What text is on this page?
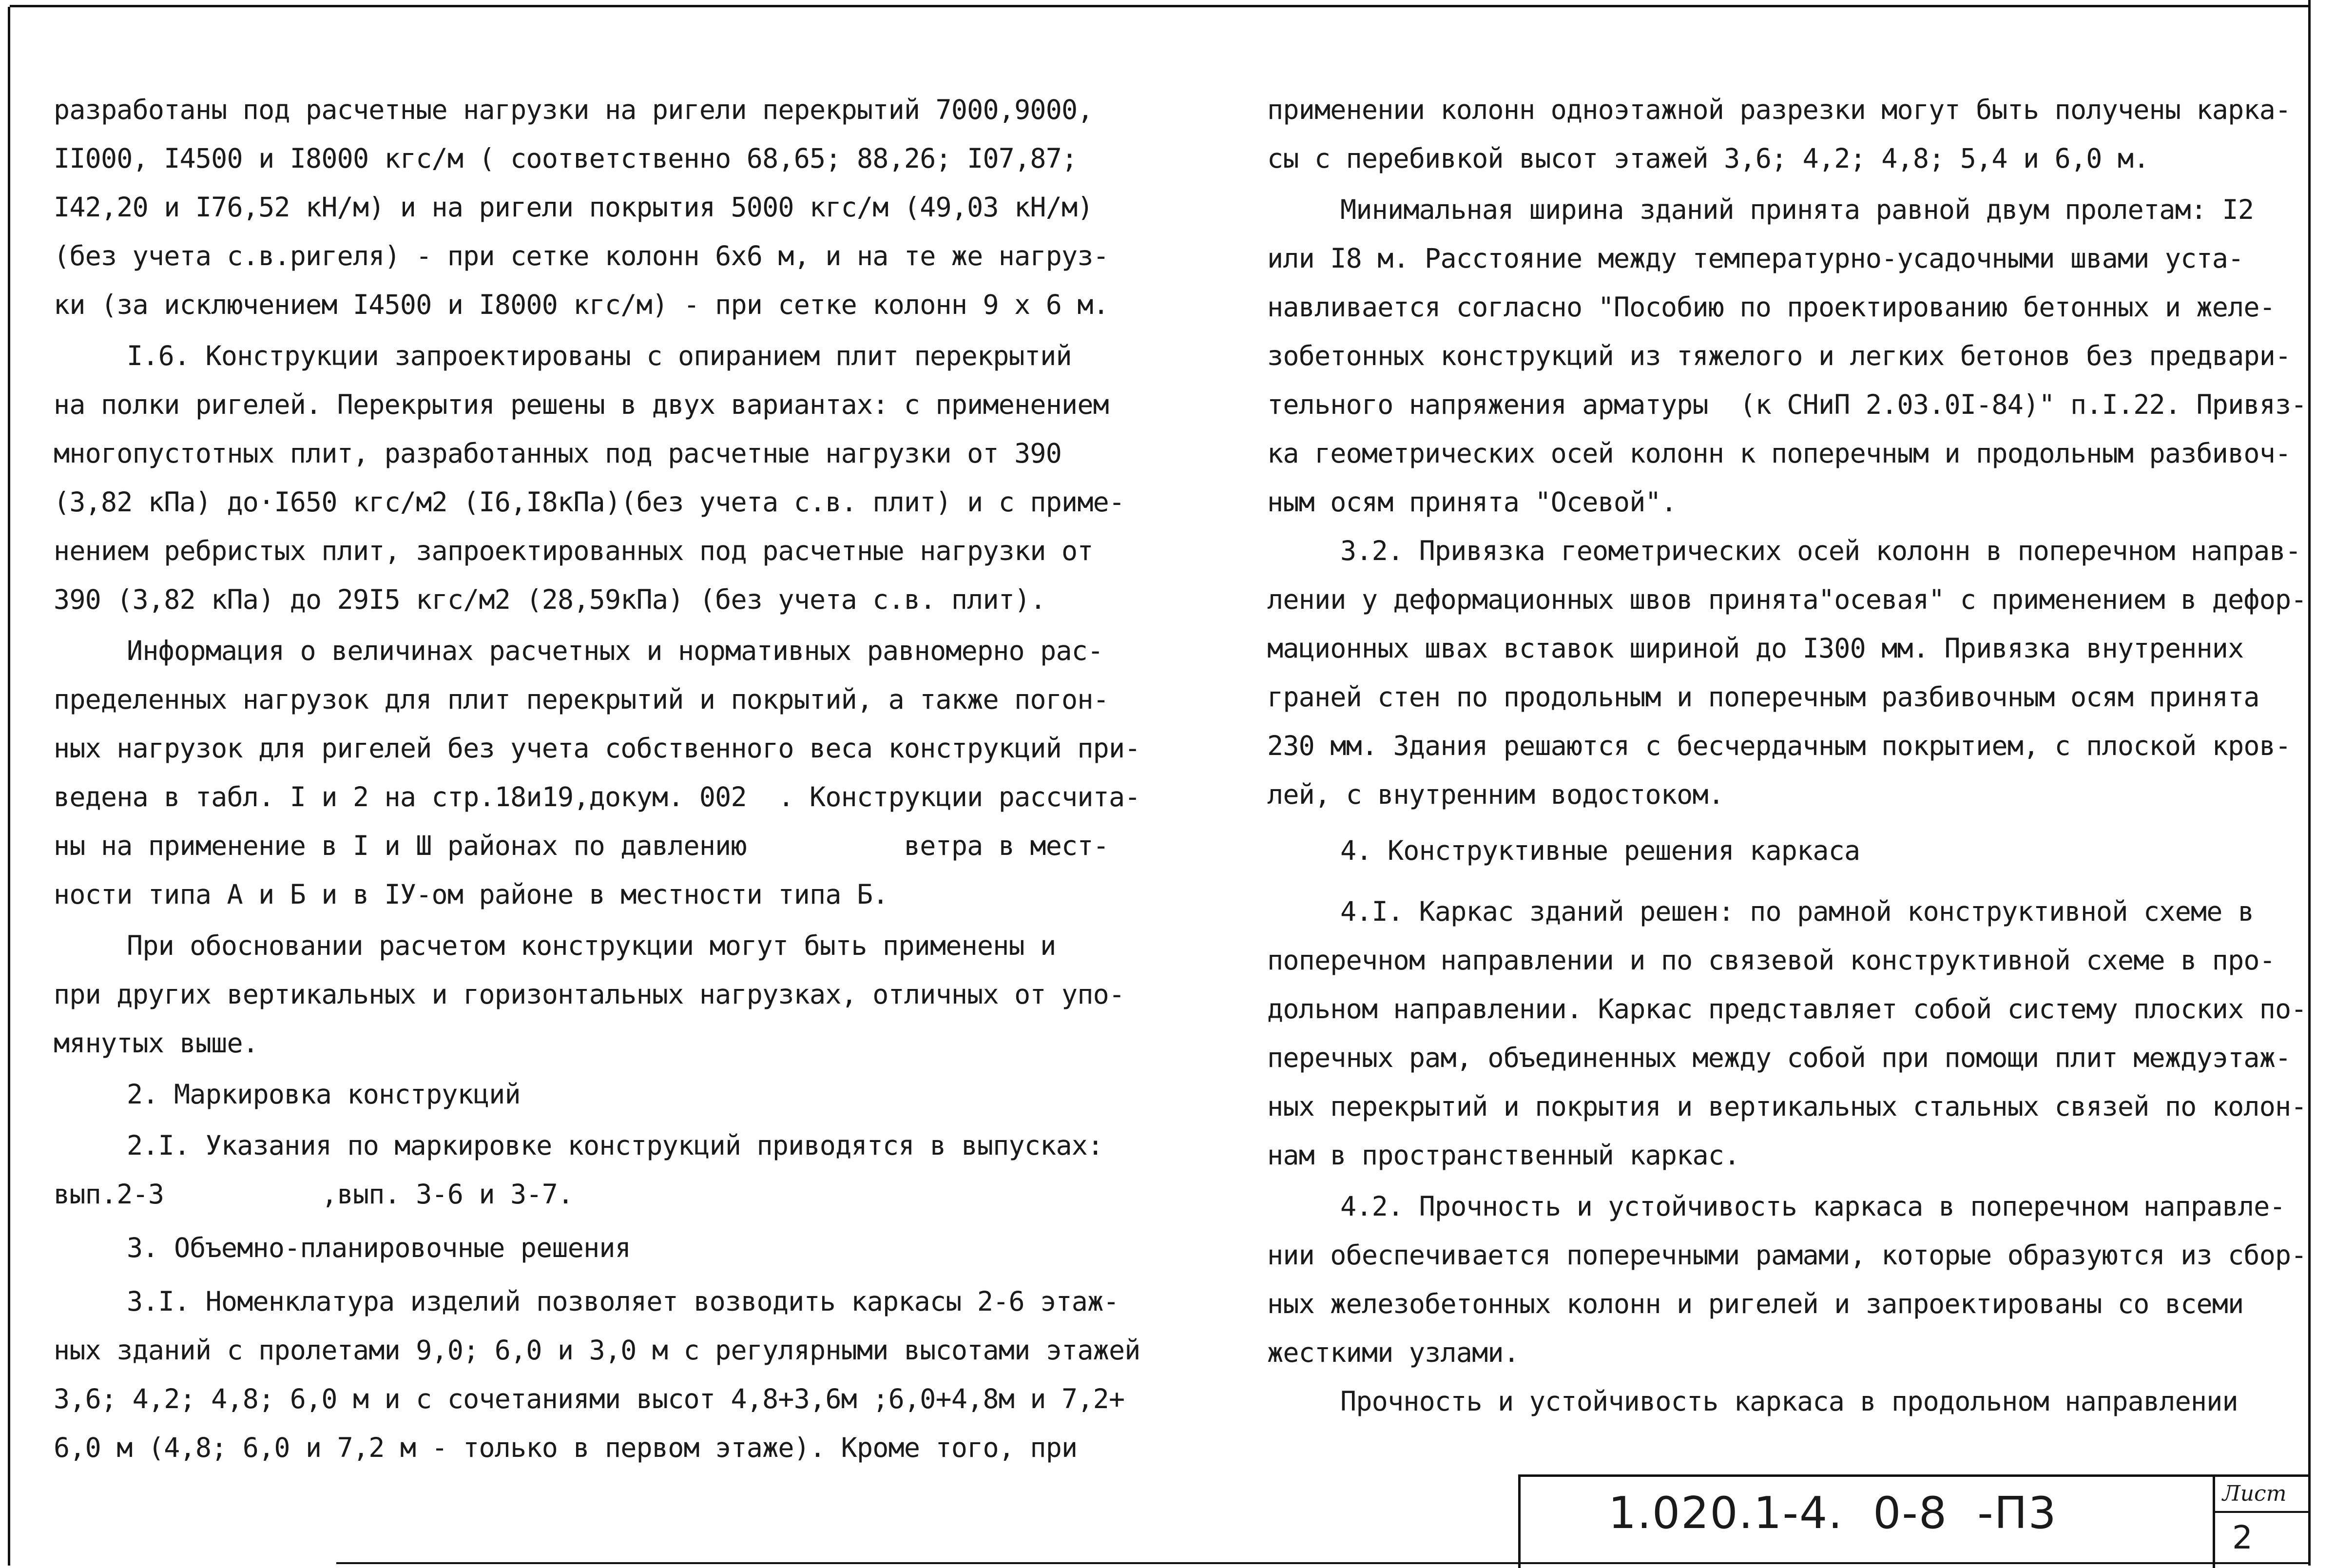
разработаны под расчетные нагрузки на ригели перекрытий 7000,9000,
II000, I4500 и I8000 кгс/м ( соответственно 68,65; 88,26; I07,87;
I42,20 и I76,52 кН/м) и на ригели покрытия 5000 кгс/м (49,03 кН/м)
(без учета с.в.ригеля) - при сетке колонн 6х6 м, и на те же нагруз-
ки (за исключением I4500 и I8000 кгс/м) - при сетке колонн 9 х 6 м.
I.6. Конструкции запроектированы с опиранием плит перекрытий
на полки ригелей. Перекрытия решены в двух вариантах: с применением
многопустотных плит, разработанных под расчетные нагрузки от 390
(3,82 кПа) до·I650 кгс/м2 (I6,I8кПа)(без учета с.в. плит) и с приме-
нением ребристых плит, запроектированных под расчетные нагрузки от
390 (3,82 кПа) до 29I5 кгс/м2 (28,59кПа) (без учета с.в. плит).
Информация о величинах расчетных и нормативных равномерно рас-
пределенных нагрузок для плит перекрытий и покрытий, а также погон-
ных нагрузок для ригелей без учета собственного веса конструкций при-
ведена в табл. I и 2 на стр.18и19,докум. 002  . Конструкции рассчита-
ны на применение в I и Ш районах по давлению          ветра в мест-
ности типа А и Б и в IУ-ом районе в местности типа Б.
При обосновании расчетом конструкции могут быть применены и
при других вертикальных и горизонтальных нагрузках, отличных от упо-
мянутых выше.
2. Маркировка конструкций
2.I. Указания по маркировке конструкций приводятся в выпусках:
вып.2-3          ,вып. 3-6 и 3-7.
3. Объемно-планировочные решения
3.I. Номенклатура изделий позволяет возводить каркасы 2-6 этаж-
ных зданий с пролетами 9,0; 6,0 и 3,0 м с регулярными высотами этажей
3,6; 4,2; 4,8; 6,0 м и с сочетаниями высот 4,8+3,6м ;6,0+4,8м и 7,2+
6,0 м (4,8; 6,0 и 7,2 м - только в первом этаже). Кроме того, при
применении колонн одноэтажной разрезки могут быть получены карка-
сы с перебивкой высот этажей 3,6; 4,2; 4,8; 5,4 и 6,0 м.
Минимальная ширина зданий принята равной двум пролетам: I2
или I8 м. Расстояние между температурно-усадочными швами уста-
навливается согласно "Пособию по проектированию бетонных и желе-
зобетонных конструкций из тяжелого и легких бетонов без предвари-
тельного напряжения арматуры  (к СНиП 2.03.0I-84)" п.I.22. Привяз-
ка геометрических осей колонн к поперечным и продольным разбивоч-
ным осям принята "Осевой".
3.2. Привязка геометрических осей колонн в поперечном направ-
лении у деформационных швов принята"осевая" с применением в дефор-
мационных швах вставок шириной до I300 мм. Привязка внутренних
граней стен по продольным и поперечным разбивочным осям принята
230 мм. Здания решаются с бесчердачным покрытием, с плоской кров-
лей, с внутренним водостоком.
4. Конструктивные решения каркаса
4.I. Каркас зданий решен: по рамной конструктивной схеме в
поперечном направлении и по связевой конструктивной схеме в про-
дольном направлении. Каркас представляет собой систему плоских по-
перечных рам, объединенных между собой при помощи плит междуэтаж-
ных перекрытий и покрытия и вертикальных стальных связей по колон-
нам в пространственный каркас.
4.2. Прочность и устойчивость каркаса в поперечном направле-
нии обеспечивается поперечными рамами, которые образуются из сбор-
ных железобетонных колонн и ригелей и запроектированы со всеми
жесткими узлами.
Прочность и устойчивость каркаса в продольном направлении
1.020.1-4.  0-8  -П3	Лист
2
